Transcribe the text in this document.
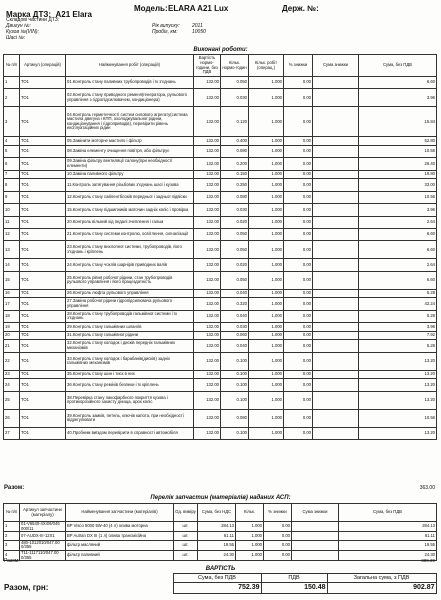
Марка ДТЗ: A21 Elara
Модель: ELARA A21 Lux	Держ. №:
Складові частини ДТЗ:
Двигун №:	Рік випуску: 2011
Кузов №(VIN):	Пробіг, км:	10050
Шасі №:
Виконані роботи:
№ п/п	Артикул (операцій)	Найменування робіт (операцій)	Вартість нормо-години, без ПДВ	Кільк. нормо-годин	Кільк. робіт (операц.)	% знижки	Сума знижки	Сума, без ПДВ
1	ТО1	01.Контроль стану паливних трубопроводів і їх з'єднань	132.00	0.050	1.000	0.00		6.60
2	ТО1	02.Контроль стану приводного ременя(генератора, рульового управління з гідропідсилювачем, кондиціонера)	132.00	0.030	1.000	0.00		3.96
3	ТО1	04.Контроль герметичності систем силового агрегату(система мастила двигуна і КПП, охолоджувальної рідини, кондиціонування і гідроприводів), перевірити рівень експлуатаційних рідин	132.00	0.120	1.000	0.00		15.84
4	ТО1	05.Замінити моторне мастило і фільтр	132.00	0.400	1.000	0.00		52.80
5	ТО1	08.Заміна елементу очищення повітря, або фільтрує	132.00	0.080	1.000	0.00		10.56
6	ТО1	09.Заміна фільтру вентиляції салону(при необхідності елементи)	132.00	0.200	1.000	0.00		26.40
7	ТО1	10.Заміна паливного фільтру	132.00	0.150	1.000	0.00		19.80
8	ТО1	11.Контроль затягування різьбових з'єднань шасі і кузова	132.00	0.250	1.000	0.00		33.00
9	ТО1	12.Контроль стану сайлентблоків передньої і задньої підвіски	132.00	0.080	1.000	0.00		10.56
10	ТО1	15.Контроль стану підшипників маточин задніх коліс і провірка	132.00	0.030	1.000	0.00		3.96
11	ТО1	20.Контроль вільний хід педалі зчеплення і гальм	132.00	0.020	1.000	0.00		2.64
12	ТО1	21.Контроль стану системи контролю, освітлення, сигналізації	132.00	0.050	1.000	0.00		6.60
13	ТО1	23.Контроль стану вихлопної системи, трубопроводів, його з'єднань і кріплень	132.00	0.050	1.000	0.00		6.60
14	ТО1	24.Контроль стану чохлів шарнірів приводних валів	132.00	0.020	1.000	0.00		2.64
15	ТО1	25.Контроль рівня робочої рідини, стан трубопроводів рульового управління і його працездатність	132.00	0.050	1.000	0.00		6.60
16	ТО1	26.Контроль люфта рульового управління	132.00	0.040	1.000	0.00		5.28
17	ТО1	27.Заміна робочої рідини гідропідсилювача рульового управління	132.00	0.320	1.000	0.00		42.24
18	ТО1	28.Контроль стану трубопроводів гальмівної системи і їх з'єднань	132.00	0.040	1.000	0.00		5.28
19	ТО1	29.Контроль стану гальмівних шлангів	132.00	0.030	1.000	0.00		3.96
20	ТО1	31.Контроль стану гальмівної рідини	132.00	0.060	1.000	0.00		7.92
21	ТО1	32.Контроль стану колодок і дисків передніх гальмівних механізмів	132.00	0.040	1.000	0.00		5.28
22	ТО1	33.Контроль стану колодок і барабанів(дисків) задніх гальмівних механізмів	132.00	0.100	1.000	0.00		13.20
23	ТО1	35.Контроль стану шин і тиск в них	132.00	0.100	1.000	0.00		13.20
24	ТО1	36.Контроль стану ремінів безпеки і їх кріплень	132.00	0.100	1.000	0.00		13.20
25	ТО1	38.Перевірка стану лакофарбного покриття кузова і протикорозійного захисту днища, арок коліс	132.00	0.100	1.000	0.00		13.20
26	ТО1	39.Контроль замків, петель, ключів капота, при необхідності відрегулювати	132.00	0.080	1.000	0.00		10.56
27	ТО1	40.Пробним виїздом перевірити в справності автомобіля	132.00	0.100	1.000	0.00		13.20
Разом:	363.00
Перелік запчастин (матеріалів) наданих АСП:
№ п/п	Артикул запчастини (матеріалу)	Найменування запчастини (матеріалів)	Од. виміру	Сума, без НДС	Кільк.	% знижки	Сума знижки	Сума, без ПДВ
1	01-V6540-4X4/6/046 000/11	BP Visco 5000 5W-40 (4 л) олива моторна	шт.	284.13	1.000	0.00		284.13
2	07-AUDX-III-12X1	BP Autran DX III (1 л) олива трансмісійна	шт.	61.11	1.000	0.00		61.11
3	480-1012010/047.00 0/355	фільтр масляний	шт.	19.55	1.000	0.00		19.55
4	T11-1117110/047.00 0/355	фільтр паливний	шт.	24.30	1.000	0.00		24.30
Разом:	389.39
ВАРТІСТЬ
	Сума, без ПДВ	ПДВ	Загальна сума, з ПДВ
Разом, грн:	752.39	150.48	902.87
